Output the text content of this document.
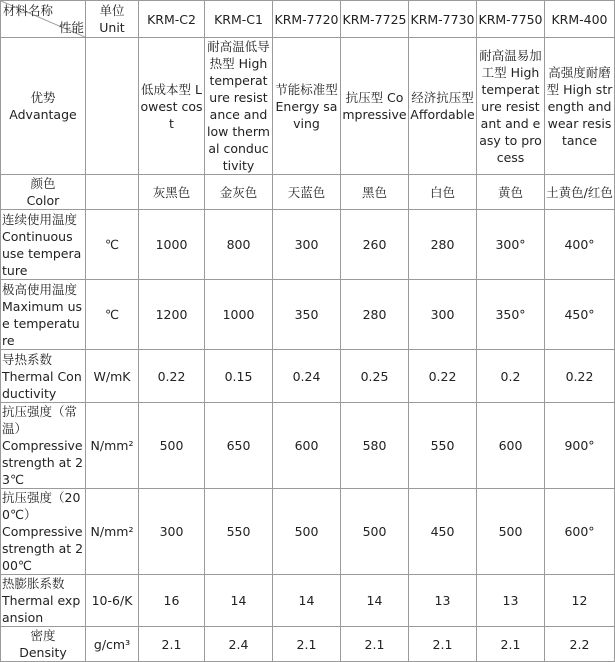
材料名称
性能	单位
Unit	KRM-C2	KRM-C1	KRM-7720	KRM-7725	KRM-7730	KRM-7750	KRM-400

优势
Advantage		低成本型 Lowest cost	耐高温低导热型 High temperature resistance and low thermal conductivity	节能标准型 Energy saving	抗压型 Compressive	经济抗压型 Affordable	耐高温易加工型 High temperature resistant and easy to process	高强度耐磨型 High strength and wear resistance

颜色
Color		灰黑色	金灰色	天蓝色	黑色	白色	黄色	土黄色/红色

连续使用温度
Continuous use temperature	℃	1000	800	300	260	280	300°	400°

极高使用温度
Maximum use temperature	℃	1200	1000	350	280	300	350°	450°

导热系数
Thermal Conductivity	W/mK	0.22	0.15	0.24	0.25	0.22	0.2	0.22

抗压强度（常温）
Compressive strength at 23℃	N/mm²	500	650	600	580	550	600	900°

抗压强度（200℃）
Compressive strength at 200℃	N/mm²	300	550	500	500	450	500	600°

热膨胀系数
Thermal expansion	10-6/K	16	14	14	14	13	13	12

密度
Density	g/cm³	2.1	2.4	2.1	2.1	2.1	2.1	2.2
